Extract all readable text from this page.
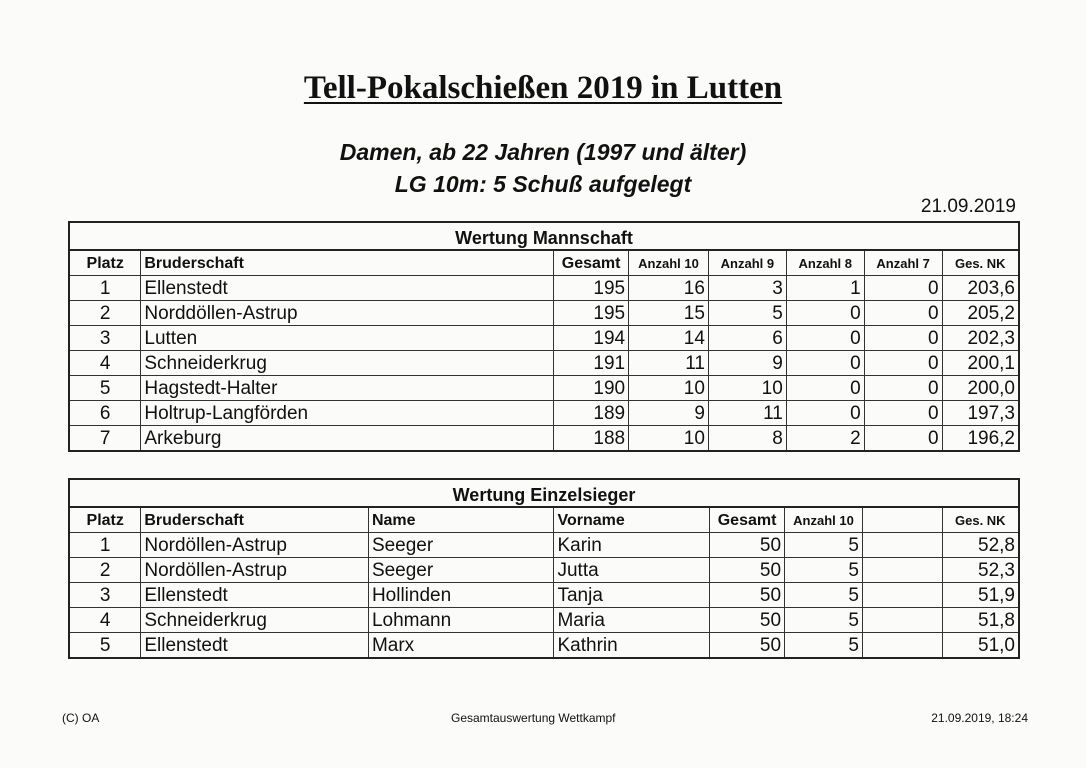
Tell-Pokalschießen 2019 in Lutten
Damen, ab 22 Jahren (1997 und älter)
LG 10m: 5 Schuß aufgelegt
21.09.2019
Wertung Mannschaft							
Platz	Bruderschaft	Gesamt	Anzahl 10	Anzahl 9	Anzahl 8	Anzahl 7	Ges. NK
1	Ellenstedt	195	16	3	1	0	203,6
2	Norddöllen-Astrup	195	15	5	0	0	205,2
3	Lutten	194	14	6	0	0	202,3
4	Schneiderkrug	191	11	9	0	0	200,1
5	Hagstedt-Halter	190	10	10	0	0	200,0
6	Holtrup-Langförden	189	9	11	0	0	197,3
7	Arkeburg	188	10	8	2	0	196,2
Wertung Einzelsieger							
Platz	Bruderschaft	Name	Vorname	Gesamt	Anzahl 10		Ges. NK
1	Nordöllen-Astrup	Seeger	Karin	50	5		52,8
2	Nordöllen-Astrup	Seeger	Jutta	50	5		52,3
3	Ellenstedt	Hollinden	Tanja	50	5		51,9
4	Schneiderkrug	Lohmann	Maria	50	5		51,8
5	Ellenstedt	Marx	Kathrin	50	5		51,0
(C) OA	Gesamtauswertung Wettkampf	21.09.2019, 18:24
